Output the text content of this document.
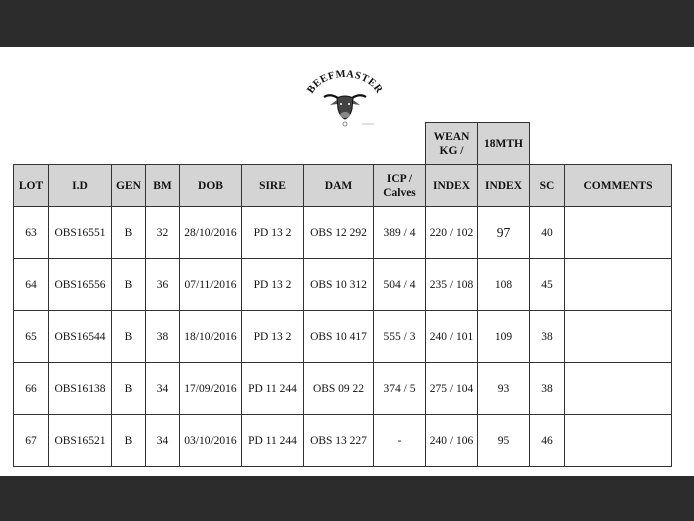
BEEFMASTER
								WEAN KG /	18MTH		
LOT	I.D	GEN	BM	DOB	SIRE	DAM	ICP / Calves	INDEX	INDEX	SC	COMMENTS
63	OBS16551	B	32	28/10/2016	PD 13 2	OBS 12 292	389 / 4	220 / 102	97	40	
64	OBS16556	B	36	07/11/2016	PD 13 2	OBS 10 312	504 / 4	235 / 108	108	45	
65	OBS16544	B	38	18/10/2016	PD 13 2	OBS 10 417	555 / 3	240 / 101	109	38	
66	OBS16138	B	34	17/09/2016	PD 11 244	OBS 09 22	374 / 5	275 / 104	93	38	
67	OBS16521	B	34	03/10/2016	PD 11 244	OBS 13 227	-	240 / 106	95	46	
